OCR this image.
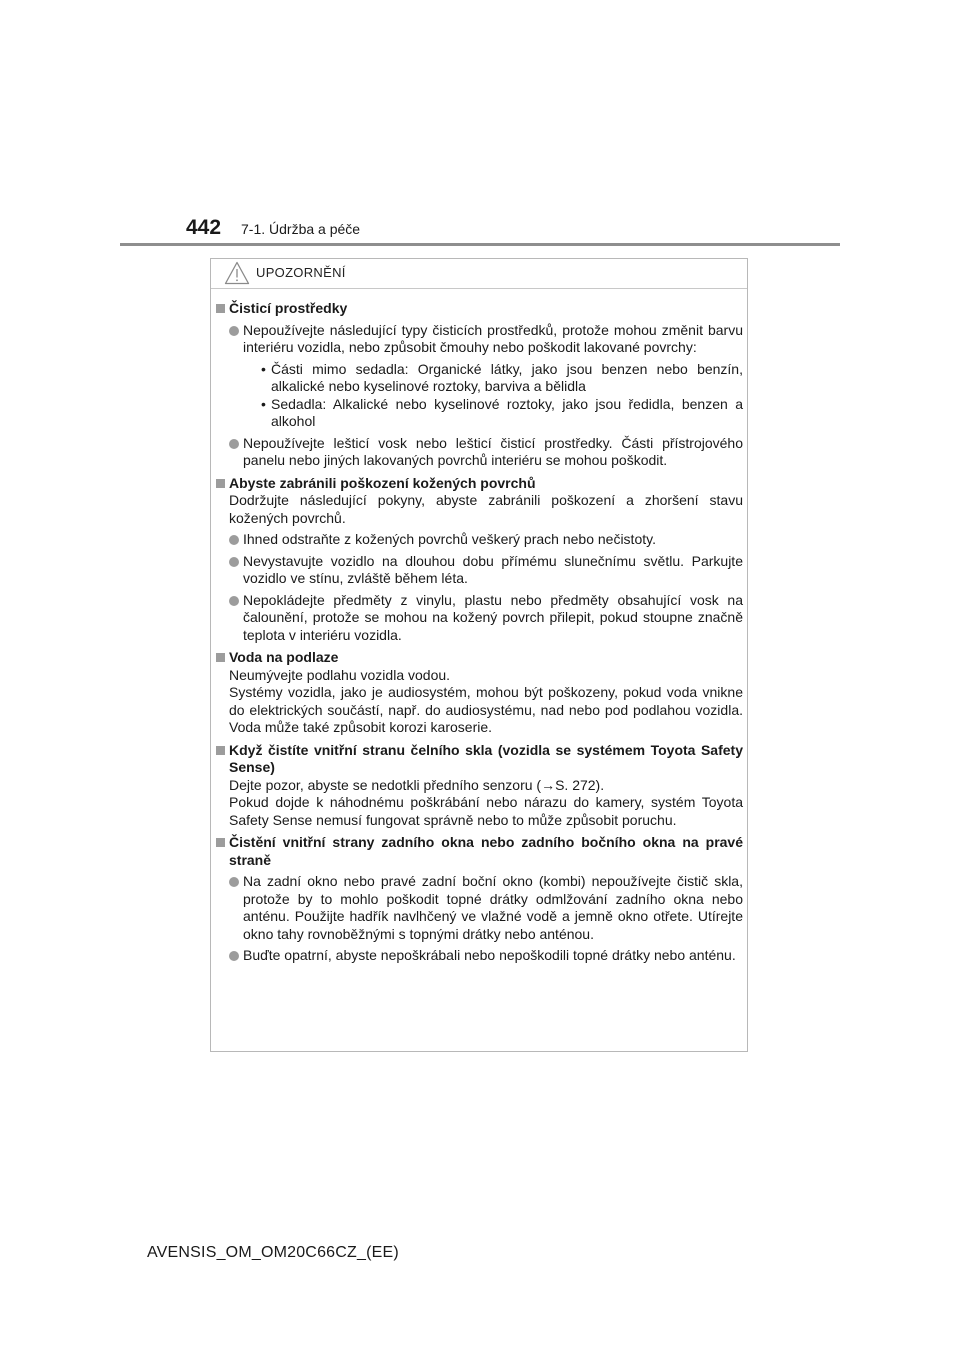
442 7-1. Údržba a péče
UPOZORNĚNÍ
Čisticí prostředky
Nepoužívejte následující typy čisticích prostředků, protože mohou změnit barvu interiéru vozidla, nebo způsobit čmouhy nebo poškodit lakované povrchy:
• Části mimo sedadla: Organické látky, jako jsou benzen nebo benzín, alkalické nebo kyselinové roztoky, barviva a bělidla
• Sedadla: Alkalické nebo kyselinové roztoky, jako jsou ředidla, benzen a alkohol
Nepoužívejte lešticí vosk nebo lešticí čisticí prostředky. Části přístrojového panelu nebo jiných lakovaných povrchů interiéru se mohou poškodit.
Abyste zabránili poškození kožených povrchů

Dodržujte následující pokyny, abyste zabránili poškození a zhoršení stavu kožených povrchů.

Ihned odstraňte z kožených povrchů veškerý prach nebo nečistoty.
Nevystavujte vozidlo na dlouhou dobu přímému slunečnímu světlu. Parkujte vozidlo ve stínu, zvláště během léta.
Nepokládejte předměty z vinylu, plastu nebo předměty obsahující vosk na čalounění, protože se mohou na kožený povrch přilepit, pokud stoupne značně teplota v interiéru vozidla.
Voda na podlaze

Neumývejte podlahu vozidla vodou.

Systémy vozidla, jako je audiosystém, mohou být poškozeny, pokud voda vnikne do elektrických součástí, např. do audiosystému, nad nebo pod podlahou vozidla. Voda může také způsobit korozi karoserie.

Když čistíte vnitřní stranu čelního skla (vozidla se systémem Toyota Safety Sense)

Dejte pozor, abyste se nedotkli předního senzoru (→S. 272).

Pokud dojde k náhodnému poškrábání nebo nárazu do kamery, systém Toyota Safety Sense nemusí fungovat správně nebo to může způsobit poruchu.

Čistění vnitřní strany zadního okna nebo zadního bočního okna na pravé straně
Na zadní okno nebo pravé zadní boční okno (kombi) nepoužívejte čistič skla, protože by to mohlo poškodit topné drátky odmlžování zadního okna nebo anténu. Použijte hadřík navlhčený ve vlažné vodě a jemně okno otřete. Utírejte okno tahy rovnoběžnými s topnými drátky nebo anténou.
Buďte opatrní, abyste nepoškrábali nebo nepoškodili topné drátky nebo anténu.
AVENSIS_OM_OM20C66CZ_(EE)
